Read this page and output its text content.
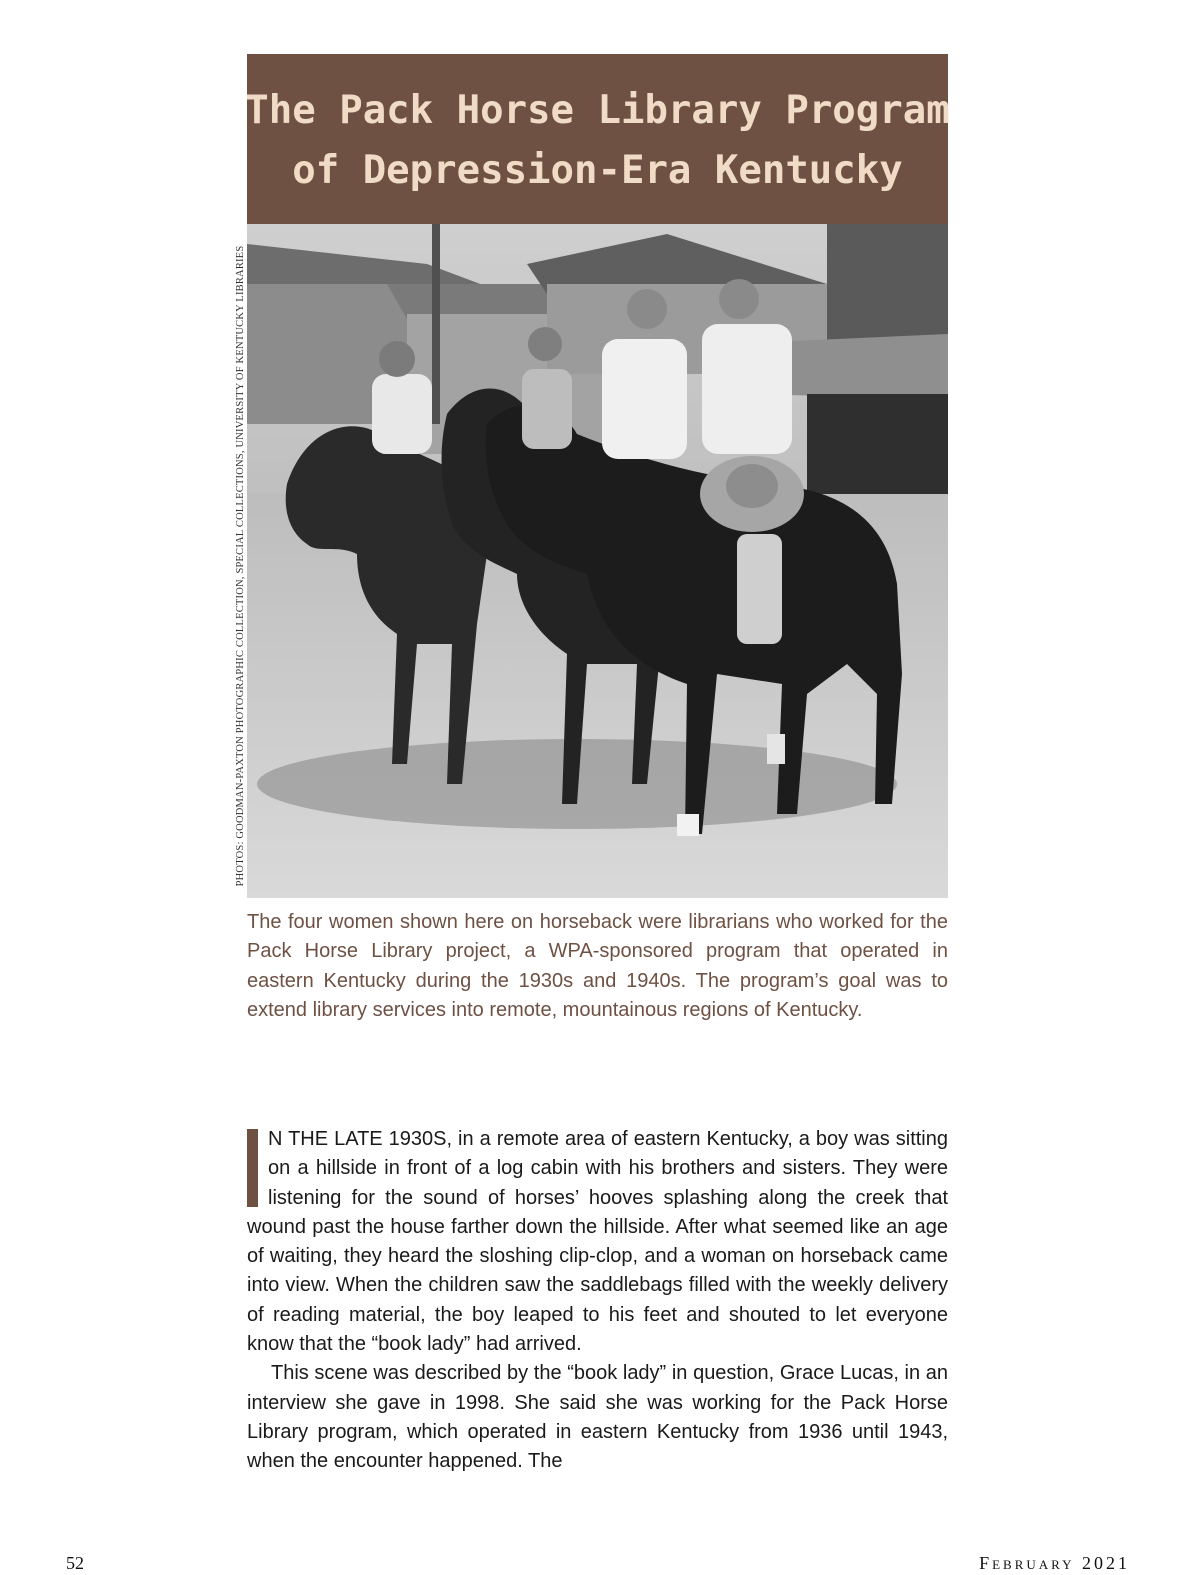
The Pack Horse Library Program
of Depression-Era Kentucky
PHOTOS: GOODMAN-PAXTON PHOTOGRAPHIC COLLECTION, SPECIAL COLLECTIONS, UNIVERSITY OF KENTUCKY LIBRARIES

The four women shown here on horseback were librarians who worked for the Pack Horse Library project, a WPA-sponsored program that operated in eastern Kentucky during the 1930s and 1940s. The program’s goal was to extend library services into remote, mountainous regions of Kentucky.

N THE LATE 1930S, in a remote area of eastern Kentucky, a boy was sitting on a hillside in front of a log cabin with his brothers and sisters. They were listening for the sound of horses’ hooves splashing along the creek that wound past the house farther down the hillside. After what seemed like an age of waiting, they heard the sloshing clip-clop, and a woman on horseback came into view. When the children saw the saddlebags filled with the weekly delivery of reading material, the boy leaped to his feet and shouted to let everyone know that the “book lady” had arrived.

This scene was described by the “book lady” in question, Grace Lucas, in an interview she gave in 1998. She said she was working for the Pack Horse Library program, which operated in eastern Kentucky from 1936 until 1943, when the encounter happened. The

52	February 2021
